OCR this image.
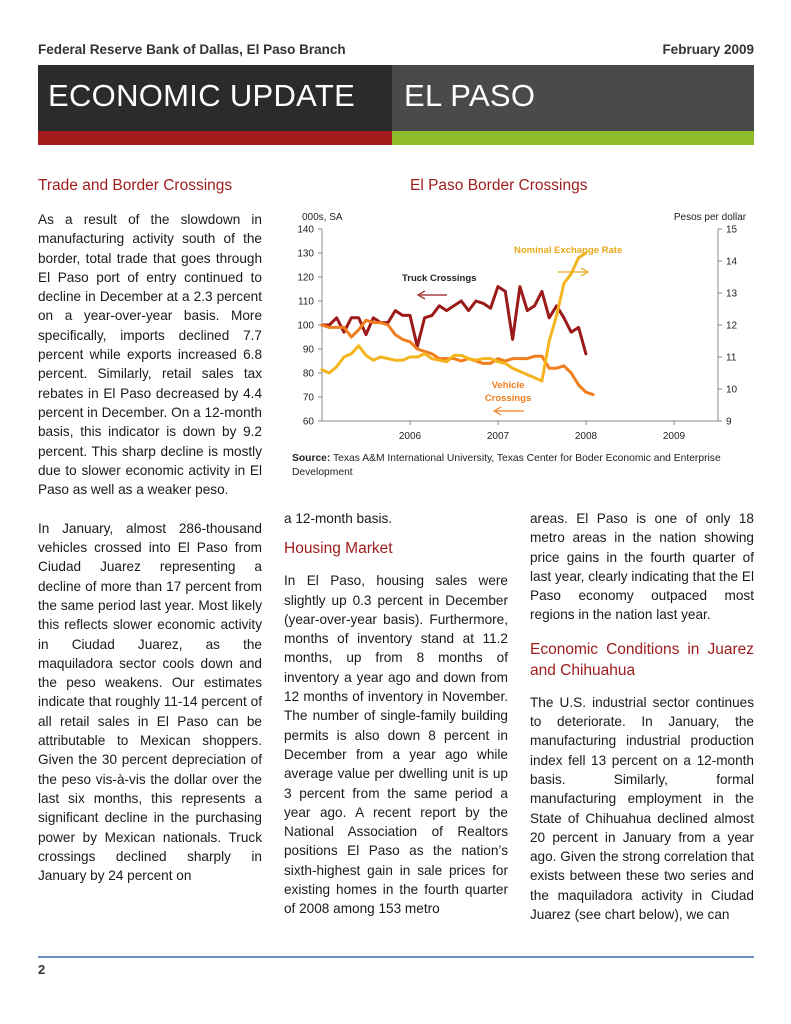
Federal Reserve Bank of Dallas, El Paso Branch	February 2009
ECONOMIC UPDATE EL PASO
Trade and Border Crossings

As a result of the slowdown in manufacturing activity south of the border, total trade that goes through El Paso port of entry continued to decline in December at a 2.3 percent on a year-over-year basis. More specifically, imports declined 7.7 percent while exports increased 6.8 percent. Similarly, retail sales tax rebates in El Paso decreased by 4.4 percent in December. On a 12-month basis, this indicator is down by 9.2 percent. This sharp decline is mostly due to slower economic activity in El Paso as well as a weaker peso.

In January, almost 286-thousand vehicles crossed into El Paso from Ciudad Juarez representing a decline of more than 17 percent from the same period last year. Most likely this reflects slower economic activity in Ciudad Juarez, as the maquiladora sector cools down and the peso weakens. Our estimates indicate that roughly 11-14 percent of all retail sales in El Paso can be attributable to Mexican shoppers. Given the 30 percent depreciation of the peso vis-à-vis the dollar over the last six months, this represents a significant decline in the purchasing power by Mexican nationals. Truck crossings declined sharply in January by 24 percent on

El Paso Border Crossings
60
70
80
90
100
110
120
130
140
9
10
11
12
13
14
15
2006	2007	2008	2009
000s, SA	Pesos per dollar
Truck Crossings
Nominal Exchange Rate
Vehicle
Crossings
Source: Texas A&M International University, Texas Center for Boder Economic and Enterprise Development
a 12-month basis.
Housing Market
In El Paso, housing sales were slightly up 0.3 percent in December (year-over-year basis). Furthermore, months of inventory stand at 11.2 months, up from 8 months of inventory a year ago and down from 12 months of inventory in November. The number of single-family building permits is also down 8 percent in December from a year ago while average value per dwelling unit is up 3 percent from the same period a year ago. A recent report by the National Association of Realtors positions El Paso as the nation’s sixth-highest gain in sale prices for existing homes in the fourth quarter of 2008 among 153 metro
areas. El Paso is one of only 18 metro areas in the nation showing price gains in the fourth quarter of last year, clearly indicating that the El Paso economy outpaced most regions in the nation last year.
Economic Conditions in Juarez and Chihuahua
The U.S. industrial sector continues to deteriorate. In January, the manufacturing industrial production index fell 13 percent on a 12-month basis. Similarly, formal manufacturing employment in the State of Chihuahua declined almost 20 percent in January from a year ago. Given the strong correlation that exists between these two series and the maquiladora activity in Ciudad Juarez (see chart below), we can
2
